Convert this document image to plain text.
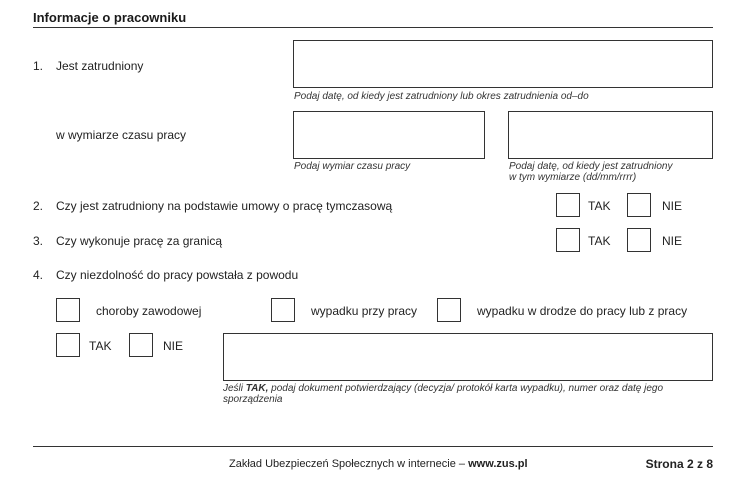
Informacje o pracowniku
1. Jest zatrudniony
Podaj datę, od kiedy jest zatrudniony lub okres zatrudnienia od–do
w wymiarze czasu pracy
Podaj wymiar czasu pracy	Podaj datę, od kiedy jest zatrudniony
w tym wymiarze (dd/mm/rrrr)
2. Czy jest zatrudniony na podstawie umowy o pracę tymczasową	TAK	NIE
3. Czy wykonuje pracę za granicą	TAK	NIE
4. Czy niezdolność do pracy powstała z powodu
choroby zawodowej	wypadku przy pracy	wypadku w drodze do pracy lub z pracy
TAK	NIE
Jeśli TAK, podaj dokument potwierdzający (decyzja/ protokół karta wypadku), numer oraz datę jego
sporządzenia
Zakład Ubezpieczeń Społecznych w internecie – www.zus.pl	Strona 2 z 8
